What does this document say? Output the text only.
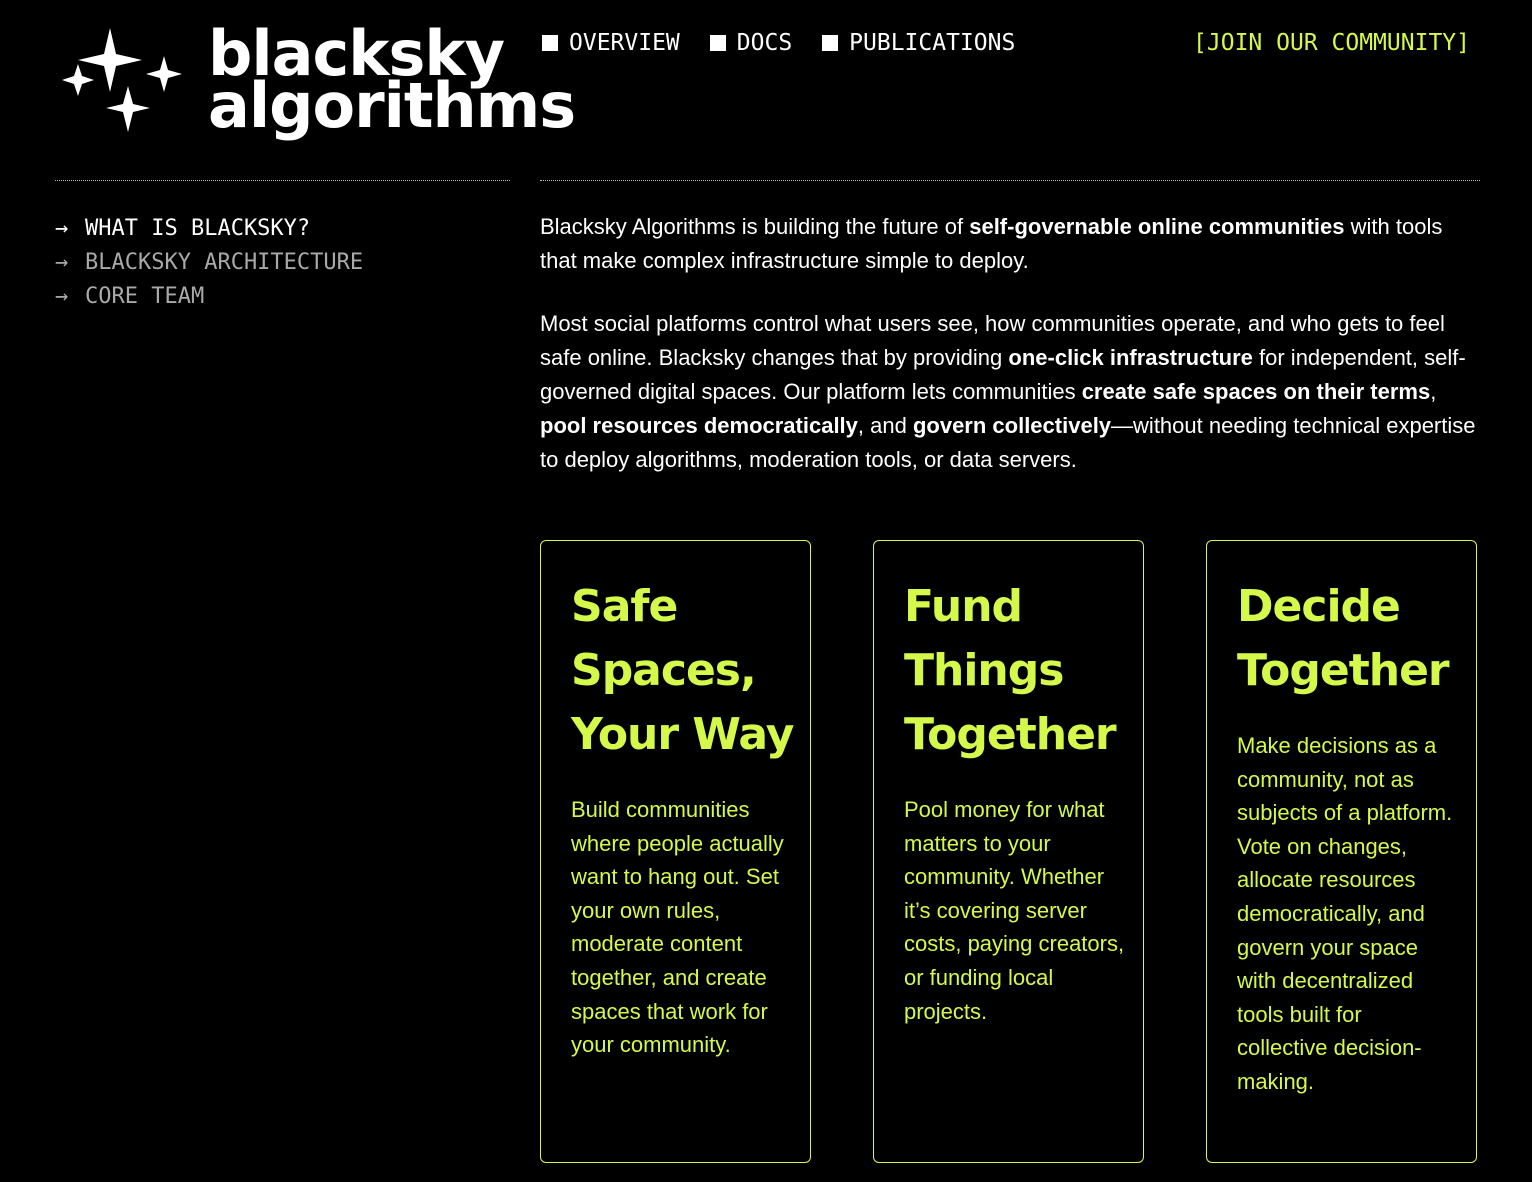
blacksky
algorithms
OVERVIEW DOCS PUBLICATIONS	[JOIN OUR COMMUNITY]
→ WHAT IS BLACKSKY?
→ BLACKSKY ARCHITECTURE
→ CORE TEAM

Blacksky Algorithms is building the future of self-governable online communities with tools that make complex infrastructure simple to deploy.

Most social platforms control what users see, how communities operate, and who gets to feel safe online. Blacksky changes that by providing one-click infrastructure for independent, self-governed digital spaces. Our platform lets communities create safe spaces on their terms, pool resources democratically, and govern collectively—without needing technical expertise to deploy algorithms, moderation tools, or data servers.

Safe Spaces, Your Way
Build communities where people actually want to hang out. Set your own rules, moderate content together, and create spaces that work for your community.
Fund Things Together
Pool money for what matters to your community. Whether it’s covering server costs, paying creators, or funding local projects.
Decide Together
Make decisions as a community, not as subjects of a platform. Vote on changes, allocate resources democratically, and govern your space with decentralized tools built for collective decision-making.
